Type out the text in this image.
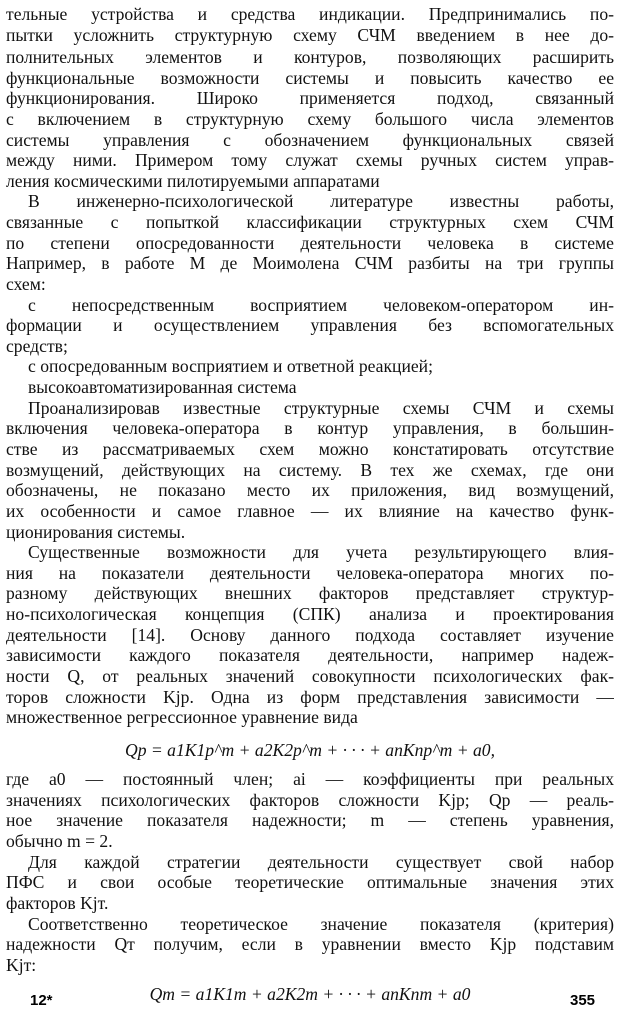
тельные устройства и средства индикации. Предпринимались по-
пытки усложнить структурную схему СЧМ введением в нее до-
полнительных элементов и контуров, позволяющих расширить
функциональные возможности системы и повысить качество ее
функционирования. Широко применяется подход, связанный
с включением в структурную схему большого числа элементов
системы управления с обозначением функциональных связей
между ними. Примером тому служат схемы ручных систем управ-
ления космическими пилотируемыми аппаратами
В инженерно-психологической литературе известны работы,
связанные с попыткой классификации структурных схем СЧМ
по степени опосредованности деятельности человека в системе
Например, в работе М де Моимолена СЧМ разбиты на три группы
схем:
с непосредственным восприятием человеком-оператором ин-
формации и осуществлением управления без вспомогательных
средств;
с опосредованным восприятием и ответной реакцией;
высокоавтоматизированная система
Проанализировав известные структурные схемы СЧМ и схемы
включения человека-оператора в контур управления, в большин-
стве из рассматриваемых схем можно констатировать отсутствие
возмущений, действующих на систему. В тех же схемах, где они
обозначены, не показано место их приложения, вид возмущений,
их особенности и самое главное — их влияние на качество функ-
ционирования системы.
Существенные возможности для учета результирующего влия-
ния на показатели деятельности человека-оператора многих по-
разному действующих внешних факторов представляет структур-
но-психологическая концепция (СПК) анализа и проектирования
деятельности [14]. Основу данного подхода составляет изучение
зависимости каждого показателя деятельности, например надеж-
ности Q, от реальных значений совокупности психологических фак-
торов сложности Kjp. Одна из форм представления зависимости —
множественное регрессионное уравнение вида
Qp = a1K1p^m + a2K2p^m + · · · + anKnp^m + a0,
где a0 — постоянный член; ai — коэффициенты при реальных
значениях психологических факторов сложности Kjp; Qp — реаль-
ное значение показателя надежности; m — степень уравнения,
обычно m = 2.
Для каждой стратегии деятельности существует свой набор
ПФС и свои особые теоретические оптимальные значения этих
факторов Kjт.
Соответственно теоретическое значение показателя (критерия)
надежности Qт получим, если в уравнении вместо Kjp подставим
Kjт:
Qт = a1K1т + a2K2т + · · · + anKnт + a0
12*	355
